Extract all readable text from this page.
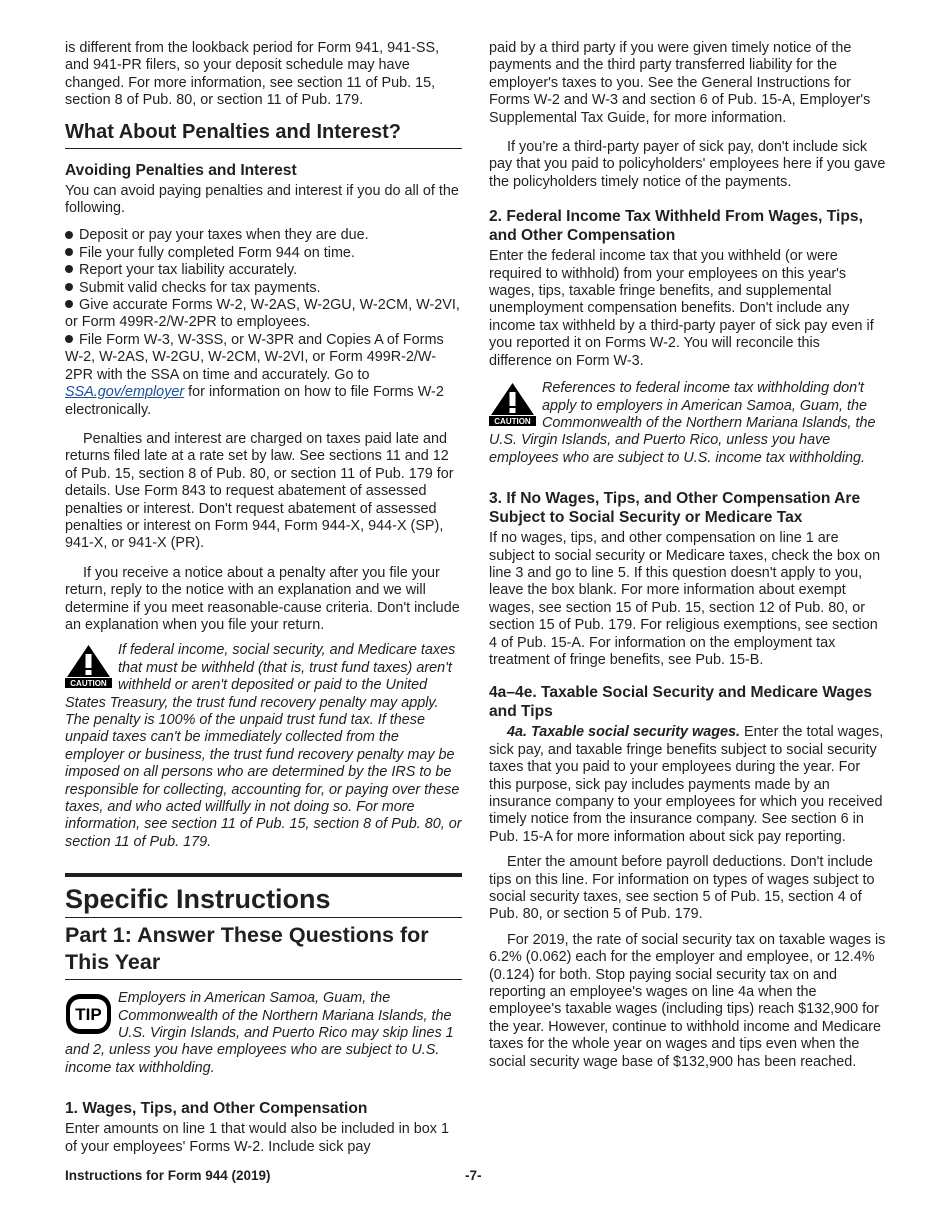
is different from the lookback period for Form 941, 941-SS, and 941-PR filers, so your deposit schedule may have changed. For more information, see section 11 of Pub. 15, section 8 of Pub. 80, or section 11 of Pub. 179.

What About Penalties and Interest?
Avoiding Penalties and Interest

You can avoid paying penalties and interest if you do all of the following.

Deposit or pay your taxes when they are due.
File your fully completed Form 944 on time.
Report your tax liability accurately.
Submit valid checks for tax payments.
Give accurate Forms W-2, W-2AS, W-2GU, W-2CM, W-2VI, or Form 499R-2/W-2PR to employees.
File Form W-3, W-3SS, or W-3PR and Copies A of Forms W-2, W-2AS, W-2GU, W-2CM, W-2VI, or Form 499R-2/W-2PR with the SSA on time and accurately. Go to SSA.gov/employer for information on how to file Forms W-2 electronically.

Penalties and interest are charged on taxes paid late and returns filed late at a rate set by law. See sections 11 and 12 of Pub. 15, section 8 of Pub. 80, or section 11 of Pub. 179 for details. Use Form 843 to request abatement of assessed penalties or interest. Don't request abatement of assessed penalties or interest on Form 944, Form 944-X, 944-X (SP), 941-X, or 941-X (PR).

If you receive a notice about a penalty after you file your return, reply to the notice with an explanation and we will determine if you meet reasonable-cause criteria. Don't include an explanation when you file your return.

CAUTION

If federal income, social security, and Medicare taxes that must be withheld (that is, trust fund taxes) aren't withheld or aren't deposited or paid to the United States Treasury, the trust fund recovery penalty may apply. The penalty is 100% of the unpaid trust fund tax. If these unpaid taxes can't be immediately collected from the employer or business, the trust fund recovery penalty may be imposed on all persons who are determined by the IRS to be responsible for collecting, accounting for, or paying over these taxes, and who acted willfully in not doing so. For more information, see section 11 of Pub. 15, section 8 of Pub. 80, or section 11 of Pub. 179.

Specific Instructions
Part 1: Answer These Questions for This Year
TIP

Employers in American Samoa, Guam, the Commonwealth of the Northern Mariana Islands, the U.S. Virgin Islands, and Puerto Rico may skip lines 1 and 2, unless you have employees who are subject to U.S. income tax withholding.

1. Wages, Tips, and Other Compensation

Enter amounts on line 1 that would also be included in box 1 of your employees' Forms W-2. Include sick pay

paid by a third party if you were given timely notice of the payments and the third party transferred liability for the employer's taxes to you. See the General Instructions for Forms W-2 and W-3 and section 6 of Pub. 15-A, Employer's Supplemental Tax Guide, for more information.

If you’re a third-party payer of sick pay, don't include sick pay that you paid to policyholders' employees here if you gave the policyholders timely notice of the payments.

2. Federal Income Tax Withheld From Wages, Tips, and Other Compensation

Enter the federal income tax that you withheld (or were required to withhold) from your employees on this year's wages, tips, taxable fringe benefits, and supplemental unemployment compensation benefits. Don't include any income tax withheld by a third-party payer of sick pay even if you reported it on Forms W-2. You will reconcile this difference on Form W-3.

CAUTION

References to federal income tax withholding don't apply to employers in American Samoa, Guam, the Commonwealth of the Northern Mariana Islands, the U.S. Virgin Islands, and Puerto Rico, unless you have employees who are subject to U.S. income tax withholding.

3. If No Wages, Tips, and Other Compensation Are Subject to Social Security or Medicare Tax

If no wages, tips, and other compensation on line 1 are subject to social security or Medicare taxes, check the box on line 3 and go to line 5. If this question doesn't apply to you, leave the box blank. For more information about exempt wages, see section 15 of Pub. 15, section 12 of Pub. 80, or section 15 of Pub. 179. For religious exemptions, see section 4 of Pub. 15-A. For information on the employment tax treatment of fringe benefits, see Pub. 15-B.

4a–4e. Taxable Social Security and Medicare Wages and Tips

4a. Taxable social security wages. Enter the total wages, sick pay, and taxable fringe benefits subject to social security taxes that you paid to your employees during the year. For this purpose, sick pay includes payments made by an insurance company to your employees for which you received timely notice from the insurance company. See section 6 in Pub. 15-A for more information about sick pay reporting.

Enter the amount before payroll deductions. Don't include tips on this line. For information on types of wages subject to social security taxes, see section 5 of Pub. 15, section 4 of Pub. 80, or section 5 of Pub. 179.

For 2019, the rate of social security tax on taxable wages is 6.2% (0.062) each for the employer and employee, or 12.4% (0.124) for both. Stop paying social security tax on and reporting an employee's wages on line 4a when the employee's taxable wages (including tips) reach $132,900 for the year. However, continue to withhold income and Medicare taxes for the whole year on wages and tips even when the social security wage base of $132,900 has been reached.

Instructions for Form 944 (2019)	-7-
